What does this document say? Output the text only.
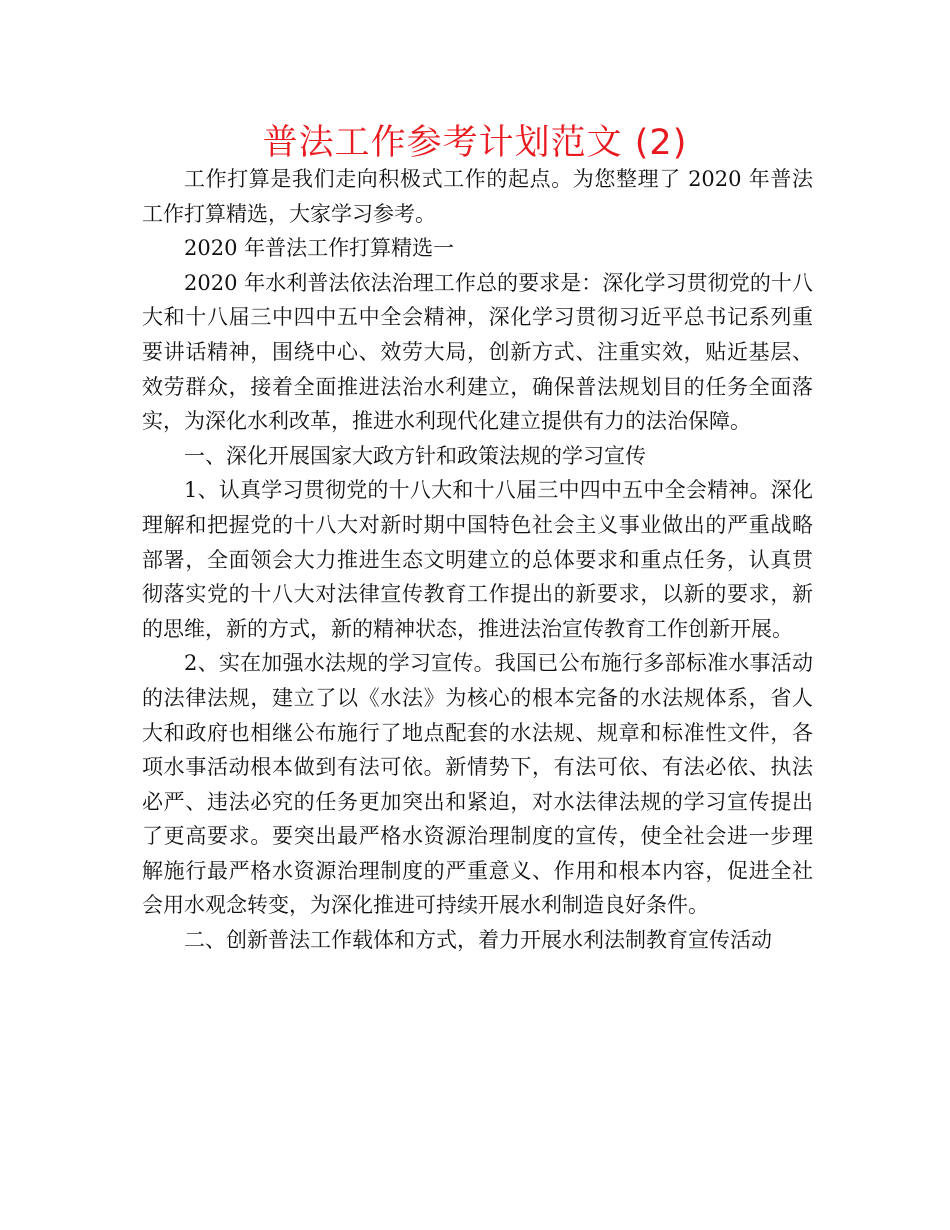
普法工作参考计划范文 (2)

工作打算是我们走向积极式工作的起点。为您整理了 2020 年普法工作打算精选，大家学习参考。

2020 年普法工作打算精选一

2020 年水利普法依法治理工作总的要求是：深化学习贯彻党的十八大和十八届三中四中五中全会精神，深化学习贯彻习近平总书记系列重要讲话精神，围绕中心、效劳大局，创新方式、注重实效，贴近基层、效劳群众，接着全面推进法治水利建立，确保普法规划目的任务全面落实，为深化水利改革，推进水利现代化建立提供有力的法治保障。

一、深化开展国家大政方针和政策法规的学习宣传

1、认真学习贯彻党的十八大和十八届三中四中五中全会精神。深化理解和把握党的十八大对新时期中国特色社会主义事业做出的严重战略部署，全面领会大力推进生态文明建立的总体要求和重点任务，认真贯彻落实党的十八大对法律宣传教育工作提出的新要求，以新的要求，新的思维，新的方式，新的精神状态，推进法治宣传教育工作创新开展。

2、实在加强水法规的学习宣传。我国已公布施行多部标准水事活动的法律法规，建立了以《水法》为核心的根本完备的水法规体系，省人大和政府也相继公布施行了地点配套的水法规、规章和标准性文件，各项水事活动根本做到有法可依。新情势下，有法可依、有法必依、执法必严、违法必究的任务更加突出和紧迫，对水法律法规的学习宣传提出了更高要求。要突出最严格水资源治理制度的宣传，使全社会进一步理解施行最严格水资源治理制度的严重意义、作用和根本内容，促进全社会用水观念转变，为深化推进可持续开展水利制造良好条件。

二、创新普法工作载体和方式，着力开展水利法制教育宣传活动
